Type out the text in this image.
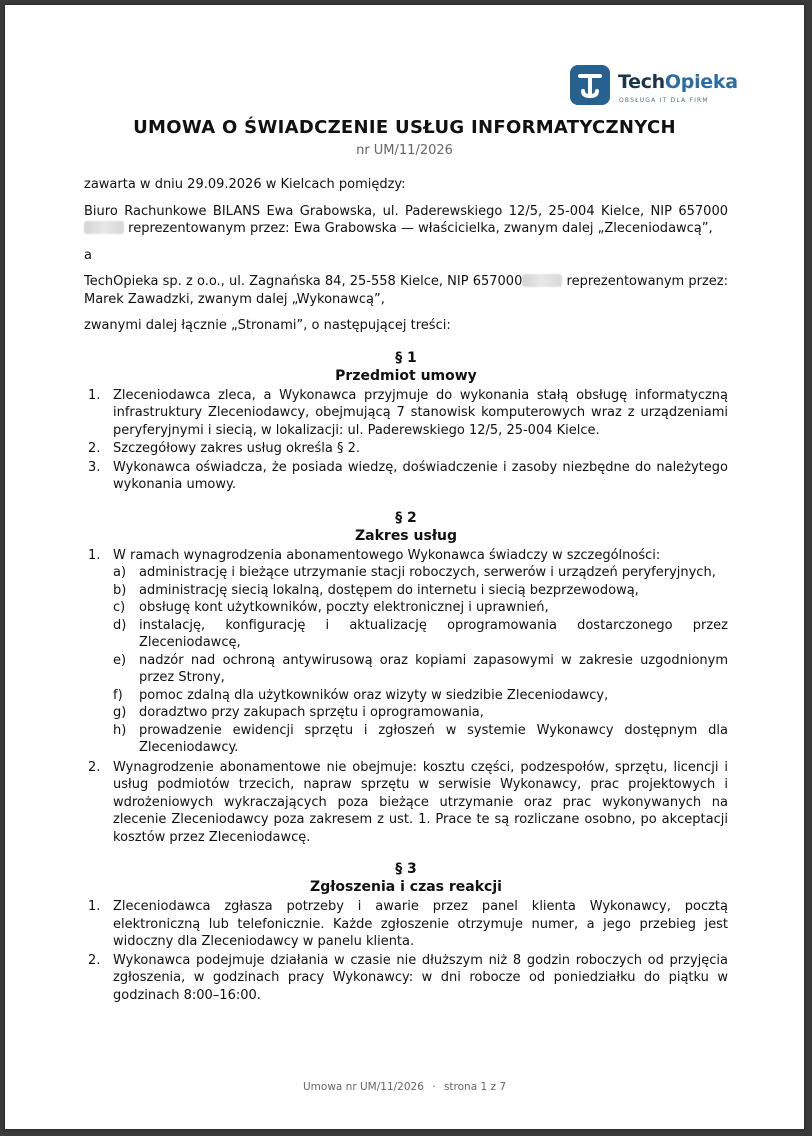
TechOpieka
OBSŁUGA IT DLA FIRM
UMOWA O ŚWIADCZENIE USŁUG INFORMATYCZNYCH
nr UM/11/2026

zawarta w dniu 29.09.2026 w Kielcach pomiędzy:

Biuro Rachunkowe BILANS Ewa Grabowska, ul. Paderewskiego 12/5, 25-004 Kielce, NIP 657000 reprezentowanym przez: Ewa Grabowska — właścicielka, zwanym dalej „Zleceniodawcą”,

a

TechOpieka sp. z o.o., ul. Zagnańska 84, 25-558 Kielce, NIP 657000	reprezentowanym przez: Marek Zawadzki, zwanym dalej „Wykonawcą”,

zwanymi dalej łącznie „Stronami”, o następującej treści:

§ 1
Przedmiot umowy
1. Zleceniodawca zleca, a Wykonawca przyjmuje do wykonania stałą obsługę informatyczną infrastruktury Zleceniodawcy, obejmującą 7 stanowisk komputerowych wraz z urządzeniami peryferyjnymi i siecią, w lokalizacji: ul. Paderewskiego 12/5, 25-004 Kielce.
2. Szczegółowy zakres usług określa § 2.
3. Wykonawca oświadcza, że posiada wiedzę, doświadczenie i zasoby niezbędne do należytego wykonania umowy.
§ 2
Zakres usług
1. W ramach wynagrodzenia abonamentowego Wykonawca świadczy w szczególności:
a) administrację i bieżące utrzymanie stacji roboczych, serwerów i urządzeń peryferyjnych,
b) administrację siecią lokalną, dostępem do internetu i siecią bezprzewodową,
c) obsługę kont użytkowników, poczty elektronicznej i uprawnień,
d) instalację, konfigurację i aktualizację oprogramowania dostarczonego przez Zleceniodawcę,
e) nadzór nad ochroną antywirusową oraz kopiami zapasowymi w zakresie uzgodnionym przez Strony,
f) pomoc zdalną dla użytkowników oraz wizyty w siedzibie Zleceniodawcy,
g) doradztwo przy zakupach sprzętu i oprogramowania,
h) prowadzenie ewidencji sprzętu i zgłoszeń w systemie Wykonawcy dostępnym dla Zleceniodawcy.
2. Wynagrodzenie abonamentowe nie obejmuje: kosztu części, podzespołów, sprzętu, licencji i usług podmiotów trzecich, napraw sprzętu w serwisie Wykonawcy, prac projektowych i wdrożeniowych wykraczających poza bieżące utrzymanie oraz prac wykonywanych na zlecenie Zleceniodawcy poza zakresem z ust. 1. Prace te są rozliczane osobno, po akceptacji kosztów przez Zleceniodawcę.
§ 3
Zgłoszenia i czas reakcji
1. Zleceniodawca zgłasza potrzeby i awarie przez panel klienta Wykonawcy, pocztą elektroniczną lub telefonicznie. Każde zgłoszenie otrzymuje numer, a jego przebieg jest widoczny dla Zleceniodawcy w panelu klienta.
2. Wykonawca podejmuje działania w czasie nie dłuższym niż 8 godzin roboczych od przyjęcia zgłoszenia, w godzinach pracy Wykonawcy: w dni robocze od poniedziałku do piątku w godzinach 8:00–16:00.
Umowa nr UM/11/2026 · strona 1 z 7
